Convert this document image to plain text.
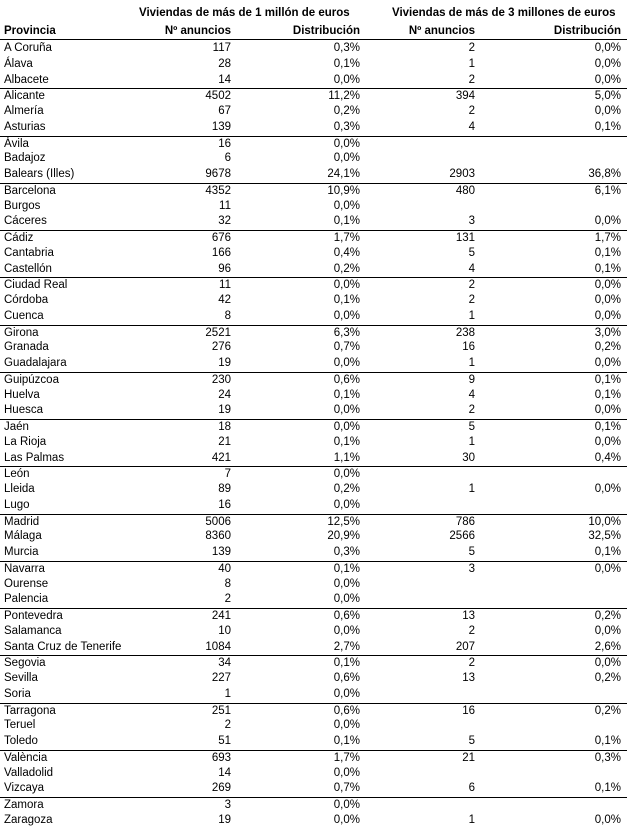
Viviendas de más de 1 millón de euros	Viviendas de más de 3 millones de euros
Provincia	Nº anuncios	Distribución	Nº anuncios	Distribución
A Coruña	117	0,3%	2	0,0%
Álava	28	0,1%	1	0,0%
Albacete	14	0,0%	2	0,0%
Alicante	4502	11,2%	394	5,0%
Almería	67	0,2%	2	0,0%
Asturias	139	0,3%	4	0,1%
Ávila	16	0,0%
Badajoz	6	0,0%
Balears (Illes)	9678	24,1%	2903	36,8%
Barcelona	4352	10,9%	480	6,1%
Burgos	11	0,0%
Cáceres	32	0,1%	3	0,0%
Cádiz	676	1,7%	131	1,7%
Cantabria	166	0,4%	5	0,1%
Castellón	96	0,2%	4	0,1%
Ciudad Real	11	0,0%	2	0,0%
Córdoba	42	0,1%	2	0,0%
Cuenca	8	0,0%	1	0,0%
Girona	2521	6,3%	238	3,0%
Granada	276	0,7%	16	0,2%
Guadalajara	19	0,0%	1	0,0%
Guipúzcoa	230	0,6%	9	0,1%
Huelva	24	0,1%	4	0,1%
Huesca	19	0,0%	2	0,0%
Jaén	18	0,0%	5	0,1%
La Rioja	21	0,1%	1	0,0%
Las Palmas	421	1,1%	30	0,4%
León	7	0,0%
Lleida	89	0,2%	1	0,0%
Lugo	16	0,0%
Madrid	5006	12,5%	786	10,0%
Málaga	8360	20,9%	2566	32,5%
Murcia	139	0,3%	5	0,1%
Navarra	40	0,1%	3	0,0%
Ourense	8	0,0%
Palencia	2	0,0%
Pontevedra	241	0,6%	13	0,2%
Salamanca	10	0,0%	2	0,0%
Santa Cruz de Tenerife	1084	2,7%	207	2,6%
Segovia	34	0,1%	2	0,0%
Sevilla	227	0,6%	13	0,2%
Soria	1	0,0%
Tarragona	251	0,6%	16	0,2%
Teruel	2	0,0%
Toledo	51	0,1%	5	0,1%
València	693	1,7%	21	0,3%
Valladolid	14	0,0%
Vizcaya	269	0,7%	6	0,1%
Zamora	3	0,0%
Zaragoza	19	0,0%	1	0,0%
